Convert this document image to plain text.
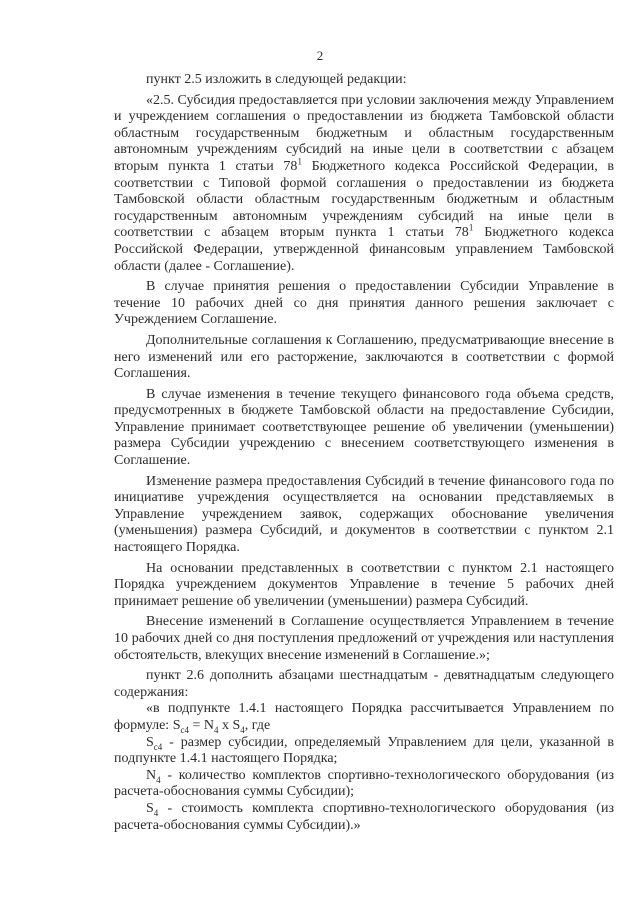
2

пункт 2.5 изложить в следующей редакции:

«2.5. Субсидия предоставляется при условии заключения между Управлением и учреждением соглашения о предоставлении из бюджета Тамбовской области областным государственным бюджетным и областным государственным автономным учреждениям субсидий на иные цели в соответствии с абзацем вторым пункта 1 статьи $78^1$ Бюджетного кодекса Российской Федерации, в соответствии с Типовой формой соглашения о предоставлении из бюджета Тамбовской области областным государственным бюджетным и областным государственным автономным учреждениям субсидий на иные цели в соответствии с абзацем вторым пункта 1 статьи $78^1$ Бюджетного кодекса Российской Федерации, утвержденной финансовым управлением Тамбовской области (далее - Соглашение).

В случае принятия решения о предоставлении Субсидии Управление в течение 10 рабочих дней со дня принятия данного решения заключает с Учреждением Соглашение.

Дополнительные соглашения к Соглашению, предусматривающие внесение в него изменений или его расторжение, заключаются в соответствии с формой Соглашения.

В случае изменения в течение текущего финансового года объема средств, предусмотренных в бюджете Тамбовской области на предоставление Субсидии, Управление принимает соответствующее решение об увеличении (уменьшении) размера Субсидии учреждению с внесением соответствующего изменения в Соглашение.

Изменение размера предоставления Субсидий в течение финансового года по инициативе учреждения осуществляется на основании представляемых в Управление учреждением заявок, содержащих обоснование увеличения (уменьшения) размера Субсидий, и документов в соответствии с пунктом 2.1 настоящего Порядка.

На основании представленных в соответствии с пунктом 2.1 настоящего Порядка учреждением документов Управление в течение 5 рабочих дней принимает решение об увеличении (уменьшении) размера Субсидий.

Внесение изменений в Соглашение осуществляется Управлением в течение 10 рабочих дней со дня поступления предложений от учреждения или наступления обстоятельств, влекущих внесение изменений в Соглашение.»;

пункт 2.6 дополнить абзацами шестнадцатым - девятнадцатым следующего содержания:

«в подпункте 1.4.1 настоящего Порядка рассчитывается Управлением по формуле: $S_{с4} = N_4$ x $S_4$, где

$S_{с4}$ - размер субсидии, определяемый Управлением для цели, указанной в подпункте 1.4.1 настоящего Порядка;

$N_4$ - количество комплектов спортивно-технологического оборудования (из расчета-обоснования суммы Субсидии);

$S_4$ - стоимость комплекта спортивно-технологического оборудования (из расчета-обоснования суммы Субсидии).»
